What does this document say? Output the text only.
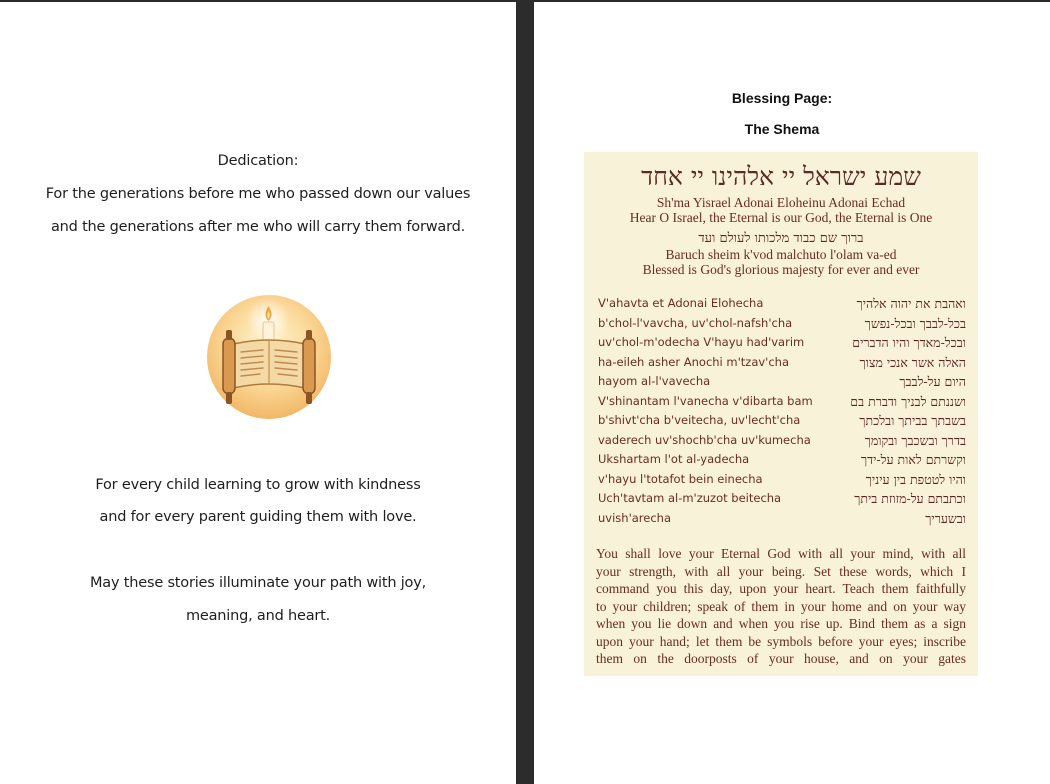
Dedication:
For the generations before me who passed down our values
and the generations after me who will carry them forward.
For every child learning to grow with kindness
and for every parent guiding them with love.
May these stories illuminate your path with joy,
meaning, and heart.
Blessing Page:
The Shema
שמע ישראל יי אלהינו יי אחד
Sh'ma Yisrael Adonai Eloheinu Adonai Echad
Hear O Israel, the Eternal is our God, the Eternal is One
ברוך שם כבוד מלכותו לעולם ועד
Baruch sheim k'vod malchuto l'olam va-ed
Blessed is God's glorious majesty for ever and ever
V'ahavta et Adonai Elohecha	ואהבת את יהוה אלהיך
b'chol-l'vavcha, uv'chol-nafsh'cha	בכל-לבבך ובכל-נפשך
uv'chol-m'odecha V'hayu had'varim	ובכל-מאדך והיו הדברים
ha-eileh asher Anochi m'tzav'cha	האלה אשר אנכי מצוך
hayom al-l'vavecha	היום על-לבבך
V'shinantam l'vanecha v'dibarta bam	ושננתם לבניך ודברת בם
b'shivt'cha b'veitecha, uv'lecht'cha	בשבתך בביתך ובלכתך
vaderech uv'shochb'cha uv'kumecha	בדרך ובשכבך ובקומך
Ukshartam l'ot al-yadecha	וקשרתם לאות על-ידך
v'hayu l'totafot bein einecha	והיו לטטפת בין עיניך
Uch'tavtam al-m'zuzot beitecha	וכתבתם על-מזוזת ביתך
uvish'arecha	ובשעריך
You shall love your Eternal God with all your mind, with all
your strength, with all your being. Set these words, which I
command you this day, upon your heart. Teach them faithfully
to your children; speak of them in your home and on your way
when you lie down and when you rise up. Bind them as a sign
upon your hand; let them be symbols before your eyes; inscribe
them on the doorposts of your house, and on your gates
